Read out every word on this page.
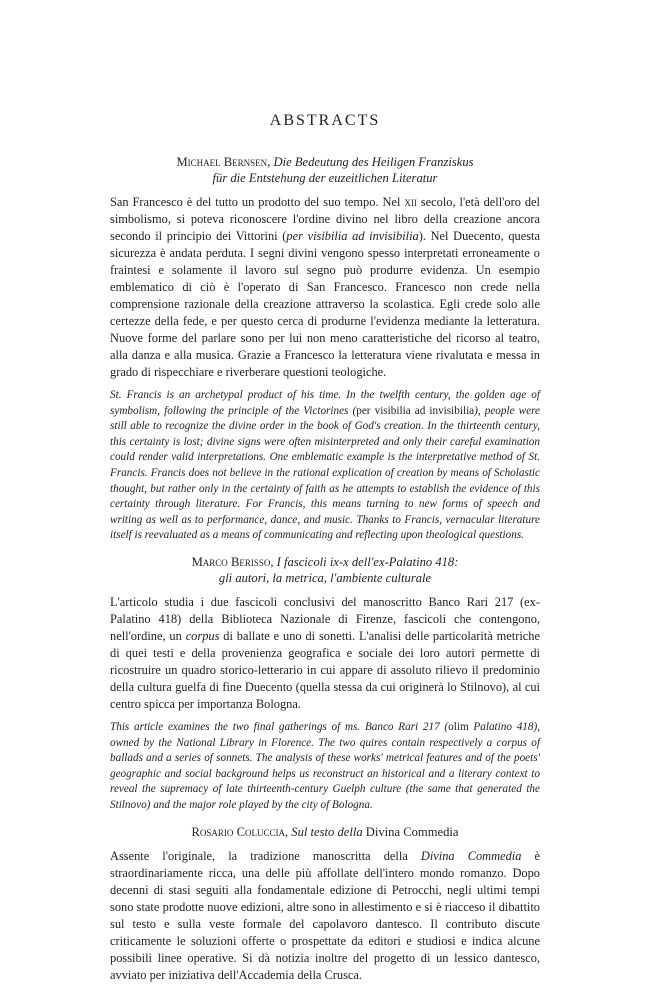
ABSTRACTS
Michael Bernsen, Die Bedeutung des Heiligen Franziskus
für die Entstehung der euzeitlichen Literatur

San Francesco è del tutto un prodotto del suo tempo. Nel xii secolo, l'età dell'oro del simbolismo, si poteva riconoscere l'ordine divino nel libro della creazione ancora secondo il principio dei Vittorini (per visibilia ad invisibilia). Nel Duecento, questa sicurezza è andata perduta. I segni divini vengono spesso interpretati erroneamente o fraintesi e solamente il lavoro sul segno può produrre evidenza. Un esempio emblematico di ciò è l'operato di San Francesco. Francesco non crede nella comprensione razionale della creazione attraverso la scolastica. Egli crede solo alle certezze della fede, e per questo cerca di produrne l'evidenza mediante la letteratura. Nuove forme del parlare sono per lui non meno caratteristiche del ricorso al teatro, alla danza e alla musica. Grazie a Francesco la letteratura viene rivalutata e messa in grado di rispecchiare e riverberare questioni teologiche.

St. Francis is an archetypal product of his time. In the twelfth century, the golden age of symbolism, following the principle of the Victorines (per visibilia ad invisibilia), people were still able to recognize the divine order in the book of God's creation. In the thirteenth century, this certainty is lost; divine signs were often misinterpreted and only their careful examination could render valid interpretations. One emblematic example is the interpretative method of St. Francis. Francis does not believe in the rational explication of creation by means of Scholastic thought, but rather only in the certainty of faith as he attempts to establish the evidence of this certainty through literature. For Francis, this means turning to new forms of speech and writing as well as to performance, dance, and music. Thanks to Francis, vernacular literature itself is reevaluated as a means of communicating and reflecting upon theological questions.

Marco Berisso, I fascicoli ix-x dell'ex-Palatino 418:
gli autori, la metrica, l'ambiente culturale

L'articolo studia i due fascicoli conclusivi del manoscritto Banco Rari 217 (ex-Palatino 418) della Biblioteca Nazionale di Firenze, fascicoli che contengono, nell'ordine, un corpus di ballate e uno di sonetti. L'analisi delle particolarità metriche di quei testi e della provenienza geografica e sociale dei loro autori permette di ricostruire un quadro storico-letterario in cui appare di assoluto rilievo il predominio della cultura guelfa di fine Duecento (quella stessa da cui originerà lo Stilnovo), al cui centro spicca per importanza Bologna.

This article examines the two final gatherings of ms. Banco Rari 217 (olim Palatino 418), owned by the National Library in Florence. The two quires contain respectively a corpus of ballads and a series of sonnets. The analysis of these works' metrical features and of the poets' geographic and social background helps us reconstruct an historical and a literary context to reveal the supremacy of late thirteenth-century Guelph culture (the same that generated the Stilnovo) and the major role played by the city of Bologna.

Rosario Coluccia, Sul testo della Divina Commedia

Assente l'originale, la tradizione manoscritta della Divina Commedia è straordinariamente ricca, una delle più affollate dell'intero mondo romanzo. Dopo decenni di stasi seguiti alla fondamentale edizione di Petrocchi, negli ultimi tempi sono state prodotte nuove edizioni, altre sono in allestimento e si è riacceso il dibattito sul testo e sulla veste formale del capolavoro dantesco. Il contributo discute criticamente le soluzioni offerte o prospettate da editori e studiosi e indica alcune possibili linee operative. Si dà notizia inoltre del progetto di un lessico dantesco, avviato per iniziativa dell'Accademia della Crusca.
